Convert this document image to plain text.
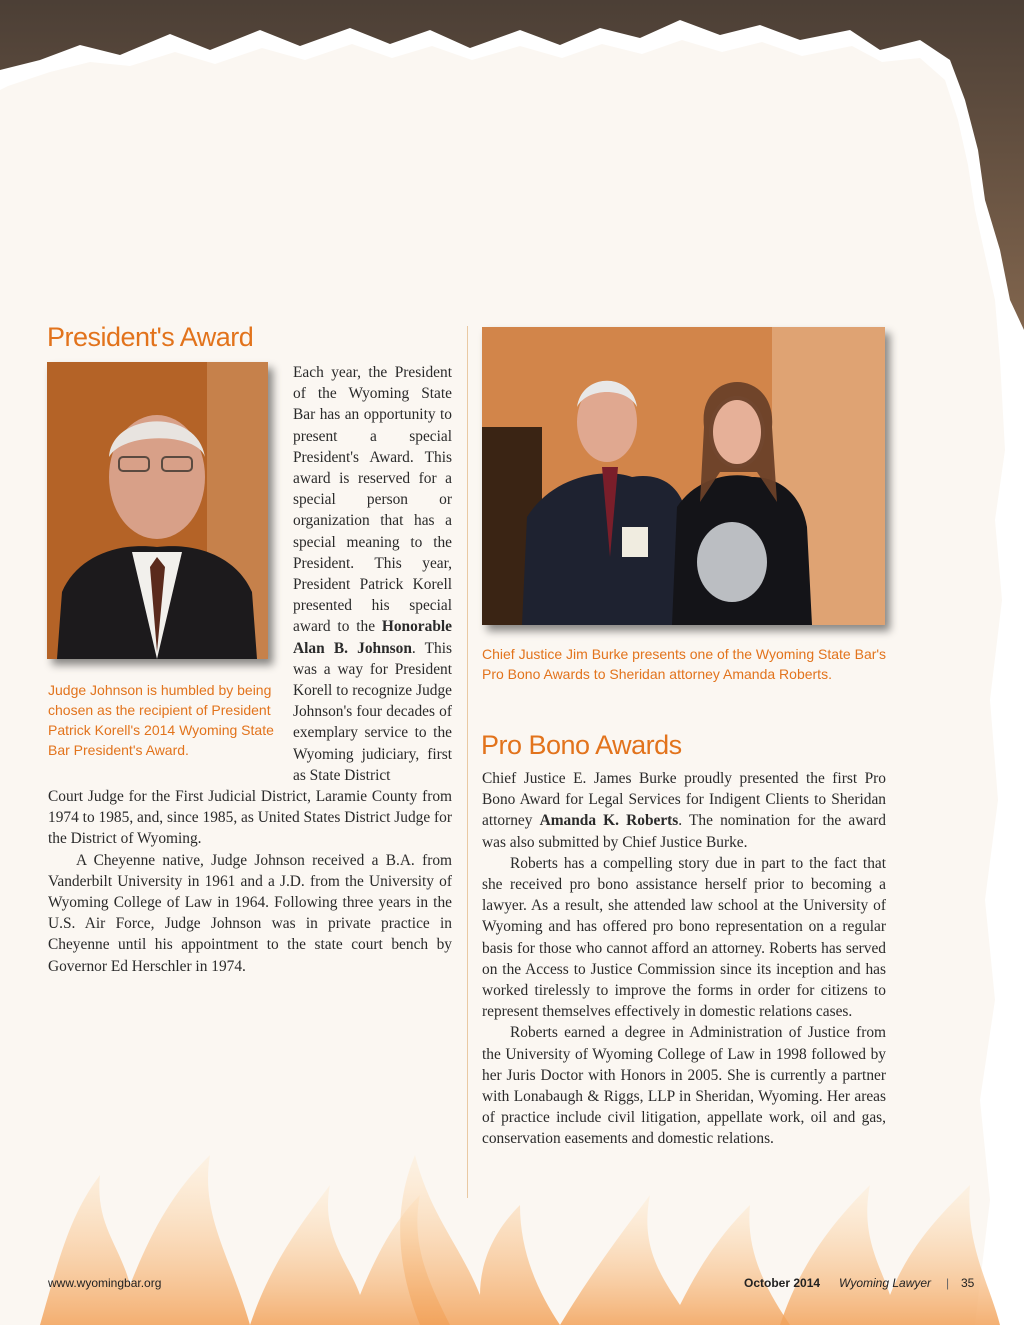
President's Award
Judge Johnson is humbled by being chosen as the recipient of President Patrick Korell's 2014 Wyoming State Bar President's Award.

Each year, the President of the Wyoming State Bar has an opportunity to present a special President's Award. This award is reserved for a special person or organization that has a special meaning to the President. This year, President Patrick Korell presented his special award to the Honorable Alan B. Johnson. This was a way for President Korell to recognize Judge Johnson's four decades of exemplary service to the Wyoming judiciary, first as State District

Court Judge for the First Judicial District, Laramie County from 1974 to 1985, and, since 1985, as United States District Judge for the District of Wyoming.

A Cheyenne native, Judge Johnson received a B.A. from Vanderbilt University in 1961 and a J.D. from the University of Wyoming College of Law in 1964. Following three years in the U.S. Air Force, Judge Johnson was in private practice in Cheyenne until his appointment to the state court bench by Governor Ed Herschler in 1974.

Chief Justice Jim Burke presents one of the Wyoming State Bar's Pro Bono Awards to Sheridan attorney Amanda Roberts.
Pro Bono Awards

Chief Justice E. James Burke proudly presented the first Pro Bono Award for Legal Services for Indigent Clients to Sheridan attorney Amanda K. Roberts. The nomination for the award was also submitted by Chief Justice Burke.

Roberts has a compelling story due in part to the fact that she received pro bono assistance herself prior to becoming a lawyer. As a result, she attended law school at the University of Wyoming and has offered pro bono representation on a regular basis for those who cannot afford an attorney. Roberts has served on the Access to Justice Commission since its inception and has worked tirelessly to improve the forms in order for citizens to represent themselves effectively in domestic relations cases.

Roberts earned a degree in Administration of Justice from the University of Wyoming College of Law in 1998 followed by her Juris Doctor with Honors in 2005. She is currently a partner with Lonabaugh & Riggs, LLP in Sheridan, Wyoming. Her areas of practice include civil litigation, appellate work, oil and gas, conservation easements and domestic relations.

www.wyomingbar.org	October 2014 Wyoming Lawyer | 35
